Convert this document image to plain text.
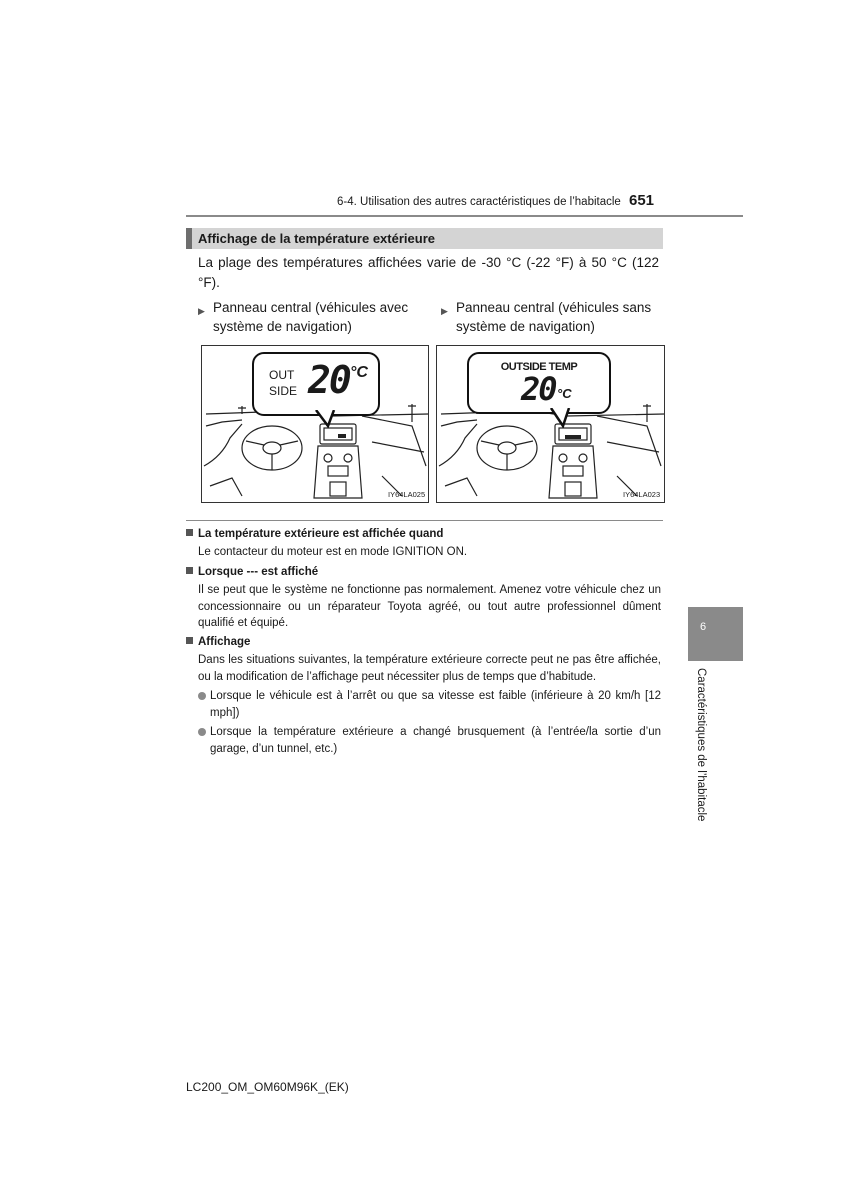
6-4. Utilisation des autres caractéristiques de l’habitacle 651
Affichage de la température extérieure
La plage des températures affichées varie de -30 °C (-22 °F) à 50 °C (122 °F).
▶ Panneau central (véhicules avec système de navigation)
▶ Panneau central (véhicules sans système de navigation)
OUT
SIDE 20 °C
IY64LA025
OUTSIDE TEMP
20 °C
IY64LA023
La température extérieure est affichée quand
Le contacteur du moteur est en mode IGNITION ON.
Lorsque --- est affiché
Il se peut que le système ne fonctionne pas normalement. Amenez votre véhicule chez un concessionnaire ou un réparateur Toyota agréé, ou tout autre professionnel dûment qualifié et équipé.
Affichage
Dans les situations suivantes, la température extérieure correcte peut ne pas être affichée, ou la modification de l’affichage peut nécessiter plus de temps que d’habitude.
Lorsque le véhicule est à l’arrêt ou que sa vitesse est faible (inférieure à 20 km/h [12 mph])
Lorsque la température extérieure a changé brusquement (à l’entrée/la sortie d’un garage, d’un tunnel, etc.)
6
Caractéristiques de l’habitacle
LC200_OM_OM60M96K_(EK)
